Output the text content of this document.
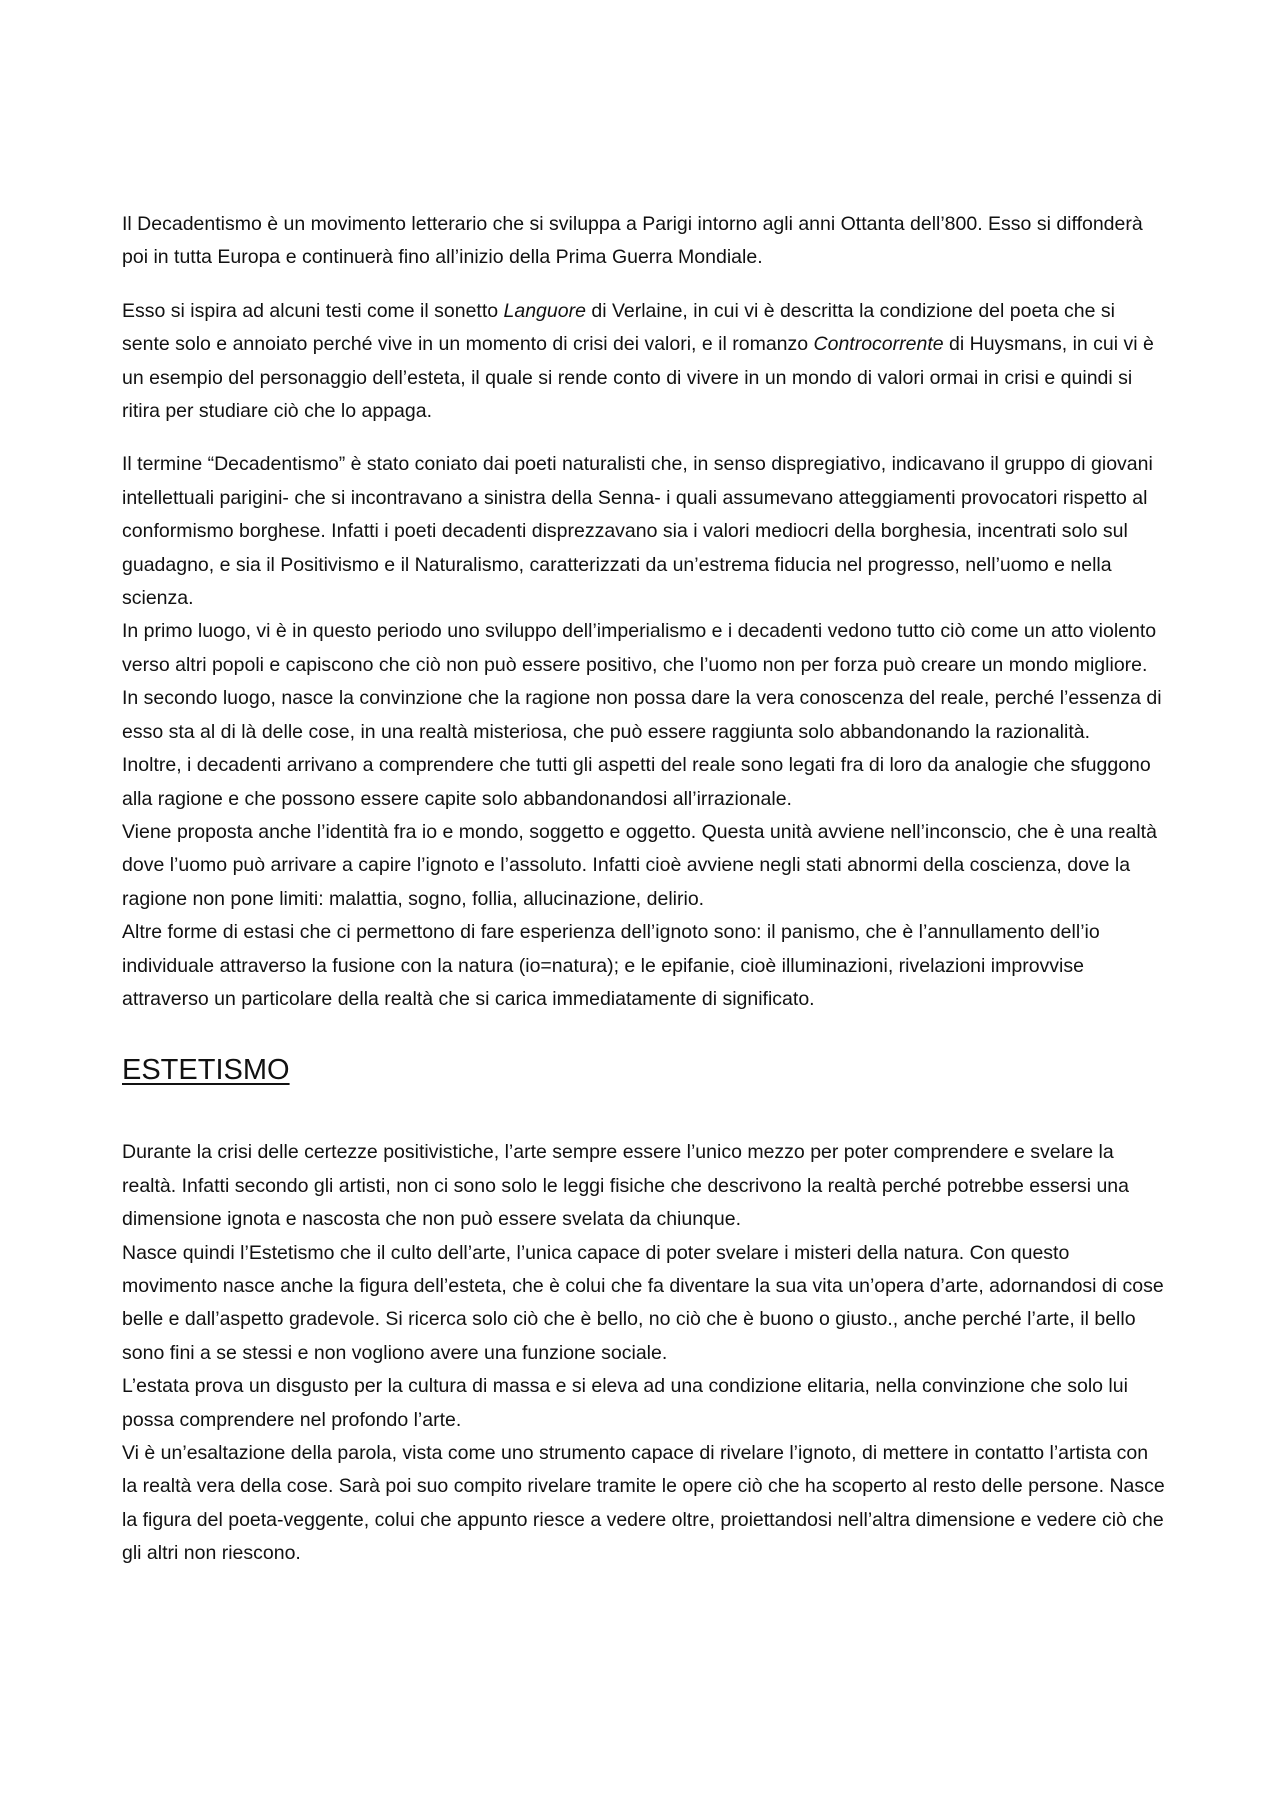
Il Decadentismo è un movimento letterario che si sviluppa a Parigi intorno agli anni Ottanta dell’800. Esso si diffonderà poi in tutta Europa e continuerà fino all’inizio della Prima Guerra Mondiale.

Esso si ispira ad alcuni testi come il sonetto Languore di Verlaine, in cui vi è descritta la condizione del poeta che si sente solo e annoiato perché vive in un momento di crisi dei valori, e il romanzo Controcorrente di Huysmans, in cui vi è un esempio del personaggio dell’esteta, il quale si rende conto di vivere in un mondo di valori ormai in crisi e quindi si ritira per studiare ciò che lo appaga.

Il termine “Decadentismo” è stato coniato dai poeti naturalisti che, in senso dispregiativo, indicavano il gruppo di giovani intellettuali parigini- che si incontravano a sinistra della Senna- i quali assumevano atteggiamenti provocatori rispetto al conformismo borghese. Infatti i poeti decadenti disprezzavano sia i valori mediocri della borghesia, incentrati solo sul guadagno, e sia il Positivismo e il Naturalismo, caratterizzati da un’estrema fiducia nel progresso, nell’uomo e nella scienza.

In primo luogo, vi è in questo periodo uno sviluppo dell’imperialismo e i decadenti vedono tutto ciò come un atto violento verso altri popoli e capiscono che ciò non può essere positivo, che l’uomo non per forza può creare un mondo migliore.

In secondo luogo, nasce la convinzione che la ragione non possa dare la vera conoscenza del reale, perché l’essenza di esso sta al di là delle cose, in una realtà misteriosa, che può essere raggiunta solo abbandonando la razionalità.

Inoltre, i decadenti arrivano a comprendere che tutti gli aspetti del reale sono legati fra di loro da analogie che sfuggono alla ragione e che possono essere capite solo abbandonandosi all’irrazionale.

Viene proposta anche l’identità fra io e mondo, soggetto e oggetto. Questa unità avviene nell’inconscio, che è una realtà dove l’uomo può arrivare a capire l’ignoto e l’assoluto. Infatti cioè avviene negli stati abnormi della coscienza, dove la ragione non pone limiti: malattia, sogno, follia, allucinazione, delirio.

Altre forme di estasi che ci permettono di fare esperienza dell’ignoto sono: il panismo, che è l’annullamento dell’io individuale attraverso la fusione con la natura (io=natura); e le epifanie, cioè illuminazioni, rivelazioni improvvise attraverso un particolare della realtà che si carica immediatamente di significato.

ESTETISMO

Durante la crisi delle certezze positivistiche, l’arte sempre essere l’unico mezzo per poter comprendere e svelare la realtà. Infatti secondo gli artisti, non ci sono solo le leggi fisiche che descrivono la realtà perché potrebbe essersi una dimensione ignota e nascosta che non può essere svelata da chiunque.

Nasce quindi l’Estetismo che il culto dell’arte, l’unica capace di poter svelare i misteri della natura. Con questo movimento nasce anche la figura dell’esteta, che è colui che fa diventare la sua vita un’opera d’arte, adornandosi di cose belle e dall’aspetto gradevole. Si ricerca solo ciò che è bello, no ciò che è buono o giusto., anche perché l’arte, il bello sono fini a se stessi e non vogliono avere una funzione sociale.

L’estata prova un disgusto per la cultura di massa e si eleva ad una condizione elitaria, nella convinzione che solo lui possa comprendere nel profondo l’arte.

Vi è un’esaltazione della parola, vista come uno strumento capace di rivelare l’ignoto, di mettere in contatto l’artista con la realtà vera della cose. Sarà poi suo compito rivelare tramite le opere ciò che ha scoperto al resto delle persone. Nasce la figura del poeta-veggente, colui che appunto riesce a vedere oltre, proiettandosi nell’altra dimensione e vedere ciò che gli altri non riescono.
